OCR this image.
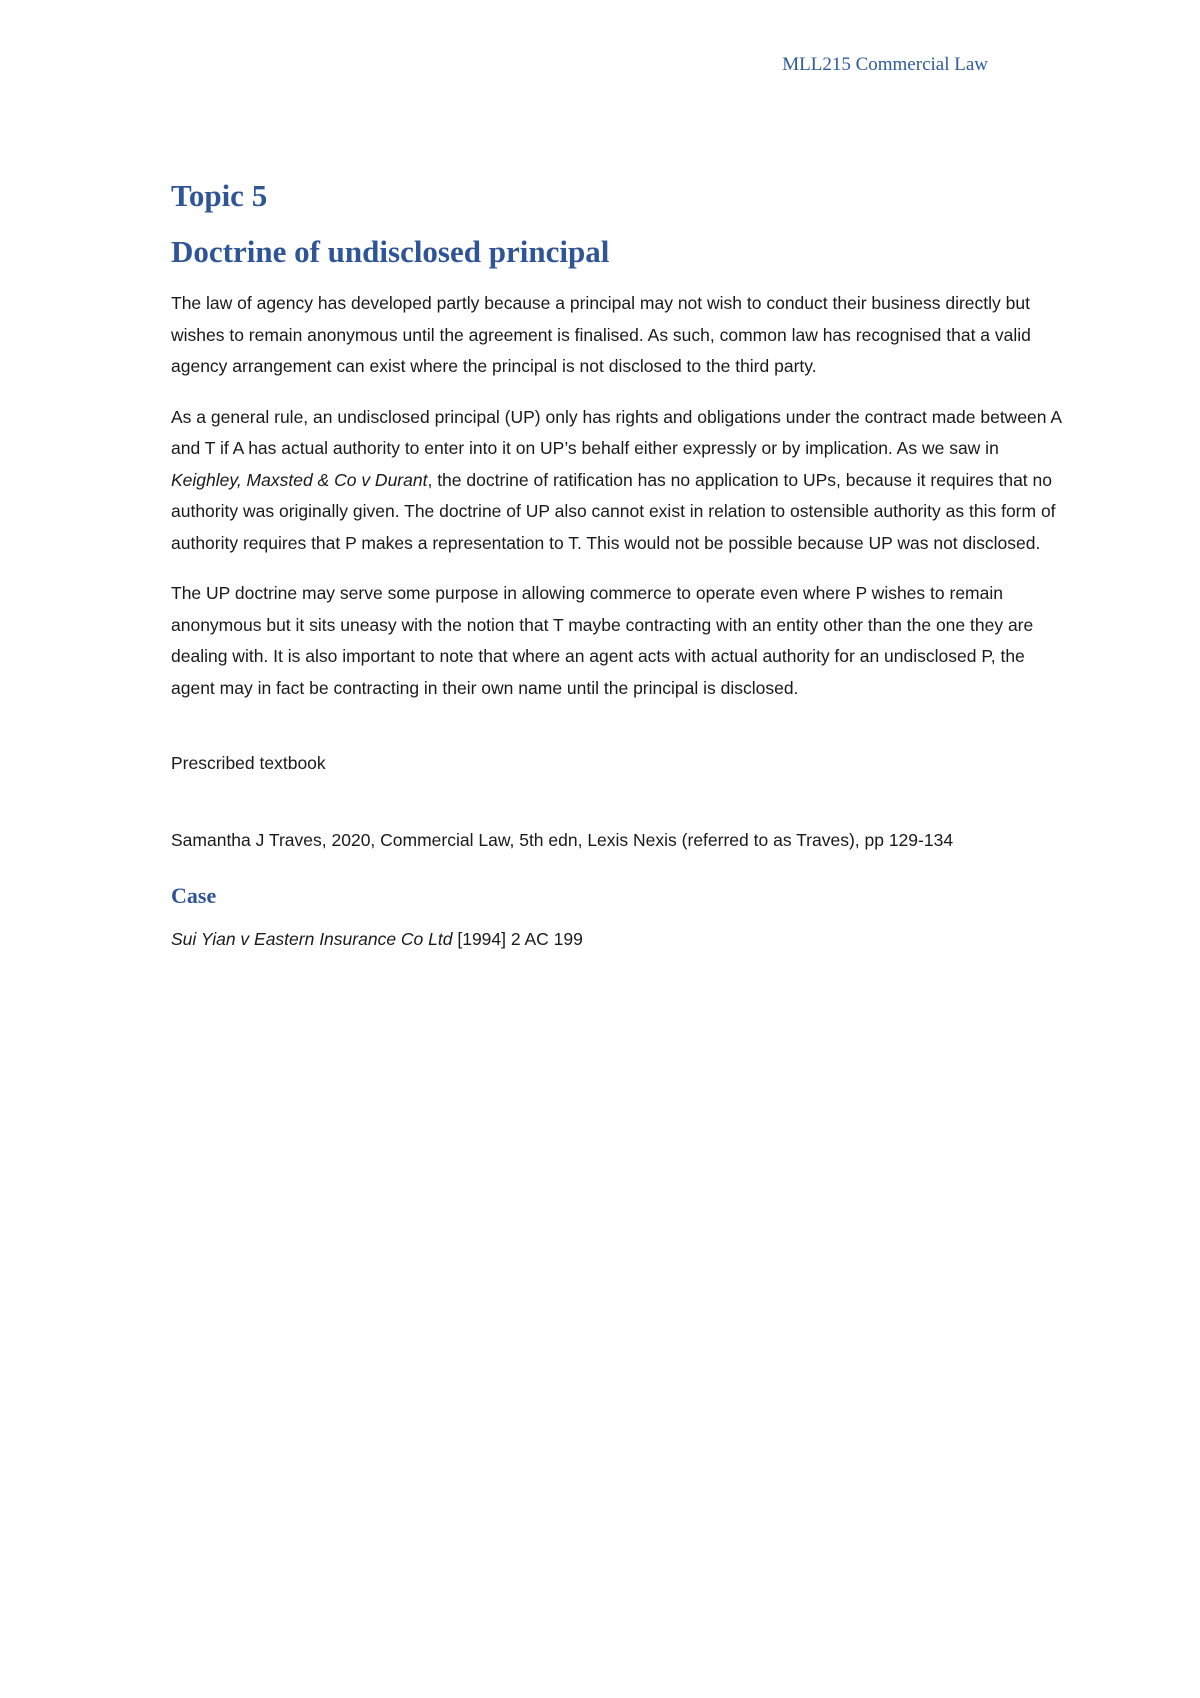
MLL215 Commercial Law
Topic 5
Doctrine of undisclosed principal

The law of agency has developed partly because a principal may not wish to conduct their business directly but wishes to remain anonymous until the agreement is finalised. As such, common law has recognised that a valid agency arrangement can exist where the principal is not disclosed to the third party.

As a general rule, an undisclosed principal (UP) only has rights and obligations under the contract made between A and T if A has actual authority to enter into it on UP’s behalf either expressly or by implication. As we saw in Keighley, Maxsted & Co v Durant, the doctrine of ratification has no application to UPs, because it requires that no authority was originally given. The doctrine of UP also cannot exist in relation to ostensible authority as this form of authority requires that P makes a representation to T. This would not be possible because UP was not disclosed.

The UP doctrine may serve some purpose in allowing commerce to operate even where P wishes to remain anonymous but it sits uneasy with the notion that T maybe contracting with an entity other than the one they are dealing with. It is also important to note that where an agent acts with actual authority for an undisclosed P, the agent may in fact be contracting in their own name until the principal is disclosed.

Prescribed textbook

Samantha J Traves, 2020, Commercial Law, 5th edn, Lexis Nexis (referred to as Traves), pp 129-134

Case

Sui Yian v Eastern Insurance Co Ltd [1994] 2 AC 199
